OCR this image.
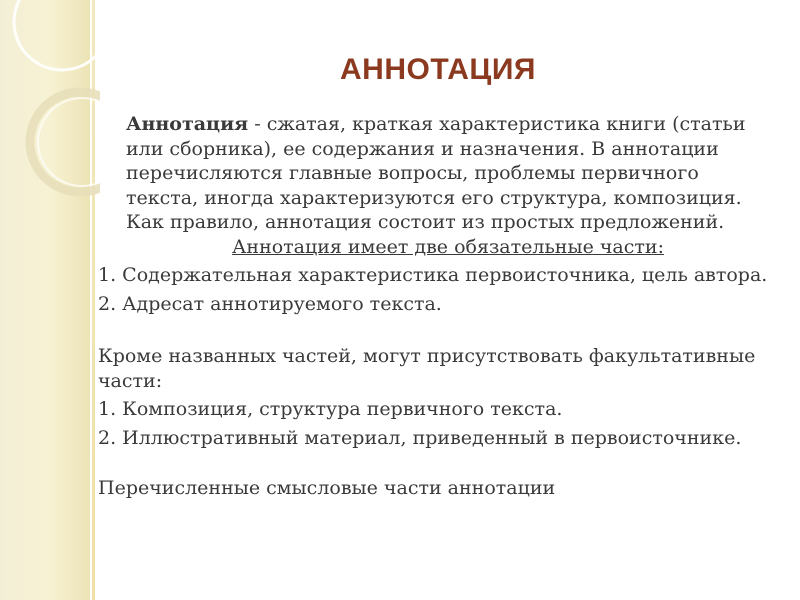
АННОТАЦИЯ

Аннотация - сжатая, краткая характеристика книги (статьи или сборника), ее содержания и назначения. В аннотации перечисляются главные вопросы, проблемы первичного текста, иногда характеризуются его структура, композиция. Как правило, аннотация состоит из простых предложений.

Аннотация имеет две обязательные части:

1. Содержательная характеристика первоисточника, цель автора.

2. Адресат аннотируемого текста.

Кроме названных частей, могут присутствовать факультативные части:

1. Композиция, структура первичного текста.

2. Иллюстративный материал, приведенный в первоисточнике.

Перечисленные смысловые части аннотации
